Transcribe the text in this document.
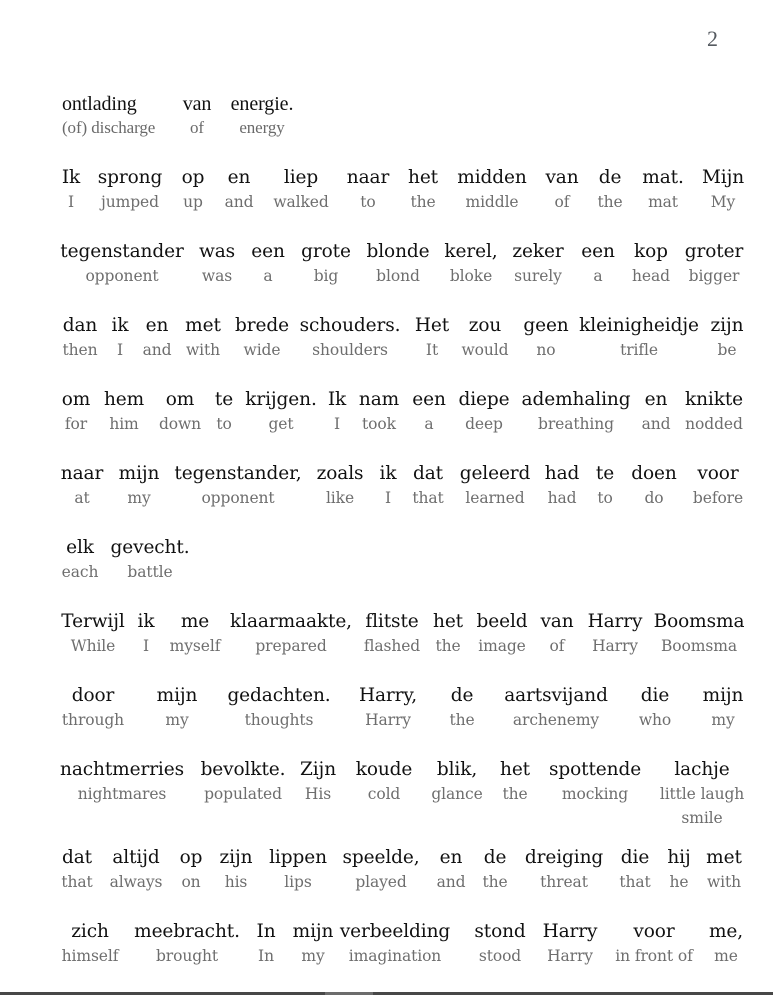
2
ontlading
(of) discharge
van
of
energie.
energy
Ik
I
sprong
jumped
op
up
en
and
liep
walked
naar
to
het
the
midden
middle
van
of
de
the
mat.
mat
Mijn
My
tegenstander
opponent
was
was
een
a
grote
big
blonde
blond
kerel,
bloke
zeker
surely
een
a
kop
head
groter
bigger
dan
then
ik
I
en
and
met
with
brede
wide
schouders.
shoulders
Het
It
zou
would
geen
no
kleinigheidje
trifle
zijn
be
om
for
hem
him
om
down
te
to
krijgen.
get
Ik
I
nam
took
een
a
diepe
deep
ademhaling
breathing
en
and
knikte
nodded
naar
at
mijn
my
tegenstander,
opponent
zoals
like
ik
I
dat
that
geleerd
learned
had
had
te
to
doen
do
voor
before
elk
each
gevecht.
battle
Terwijl
While
ik
I
me
myself
klaarmaakte,
prepared
flitste
flashed
het
the
beeld
image
van
of
Harry
Harry
Boomsma
Boomsma
door
through
mijn
my
gedachten.
thoughts
Harry,
Harry
de
the
aartsvijand
archenemy
die
who
mijn
my
nachtmerries
nightmares
bevolkte.
populated
Zijn
His
koude
cold
blik,
glance
het
the
spottende
mocking
lachje
little laugh
smile
dat
that
altijd
always
op
on
zijn
his
lippen
lips
speelde,
played
en
and
de
the
dreiging
threat
die
that
hij
he
met
with
zich
himself
meebracht.
brought
In
In
mijn
my
verbeelding
imagination
stond
stood
Harry
Harry
voor
in front of
me,
me
